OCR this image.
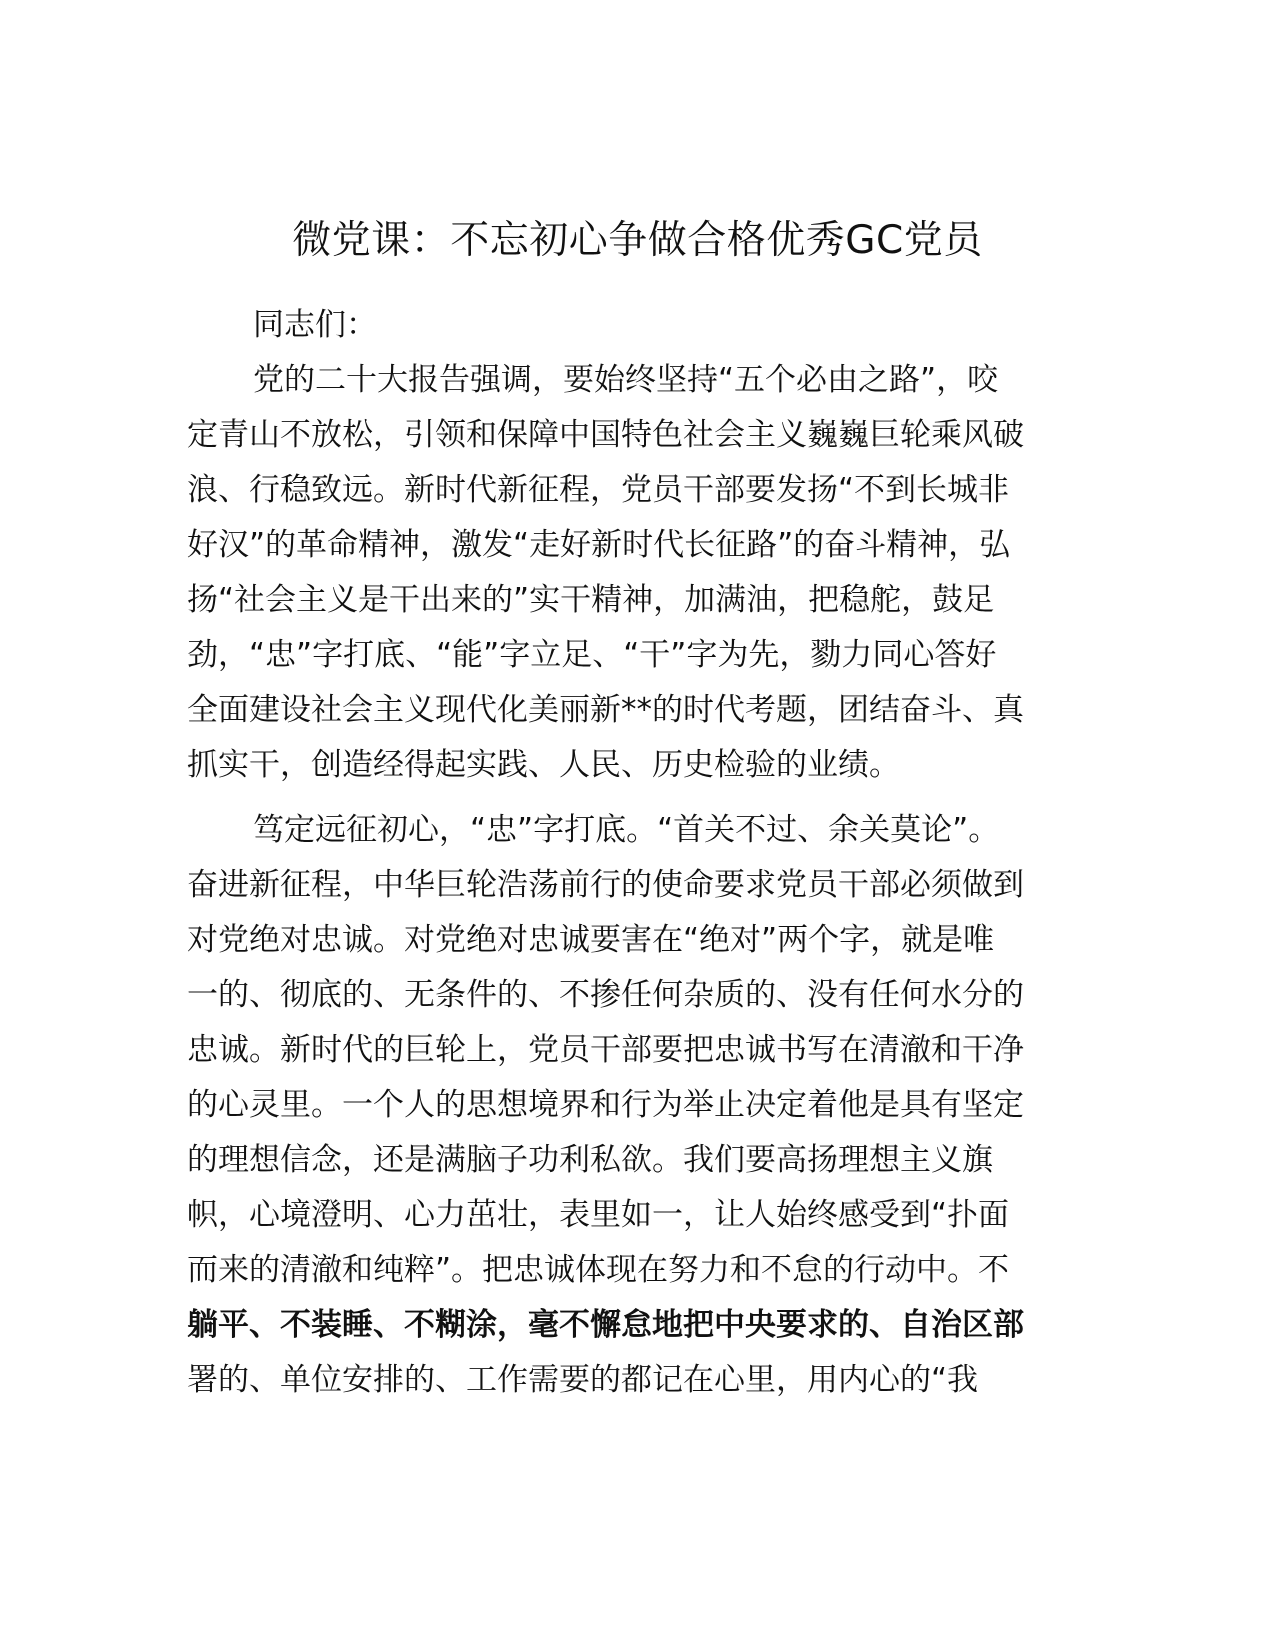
微党课：不忘初心争做合格优秀GC党员
同志们：
党的二十大报告强调，要始终坚持“五个必由之路”，咬
定青山不放松，引领和保障中国特色社会主义巍巍巨轮乘风破
浪、行稳致远。新时代新征程，党员干部要发扬“不到长城非
好汉”的革命精神，激发“走好新时代长征路”的奋斗精神，弘
扬“社会主义是干出来的”实干精神，加满油，把稳舵，鼓足
劲，“忠”字打底、“能”字立足、“干”字为先，勠力同心答好
全面建设社会主义现代化美丽新**的时代考题，团结奋斗、真
抓实干，创造经得起实践、人民、历史检验的业绩。
笃定远征初心，“忠”字打底。“首关不过、余关莫论”。
奋进新征程，中华巨轮浩荡前行的使命要求党员干部必须做到
对党绝对忠诚。对党绝对忠诚要害在“绝对”两个字，就是唯
一的、彻底的、无条件的、不掺任何杂质的、没有任何水分的
忠诚。新时代的巨轮上，党员干部要把忠诚书写在清澈和干净
的心灵里。一个人的思想境界和行为举止决定着他是具有坚定
的理想信念，还是满脑子功利私欲。我们要高扬理想主义旗
帜，心境澄明、心力茁壮，表里如一，让人始终感受到“扑面
而来的清澈和纯粹”。把忠诚体现在努力和不怠的行动中。不
躺平、不装睡、不糊涂，毫不懈怠地把中央要求的、自治区部
署的、单位安排的、工作需要的都记在心里，用内心的“我
